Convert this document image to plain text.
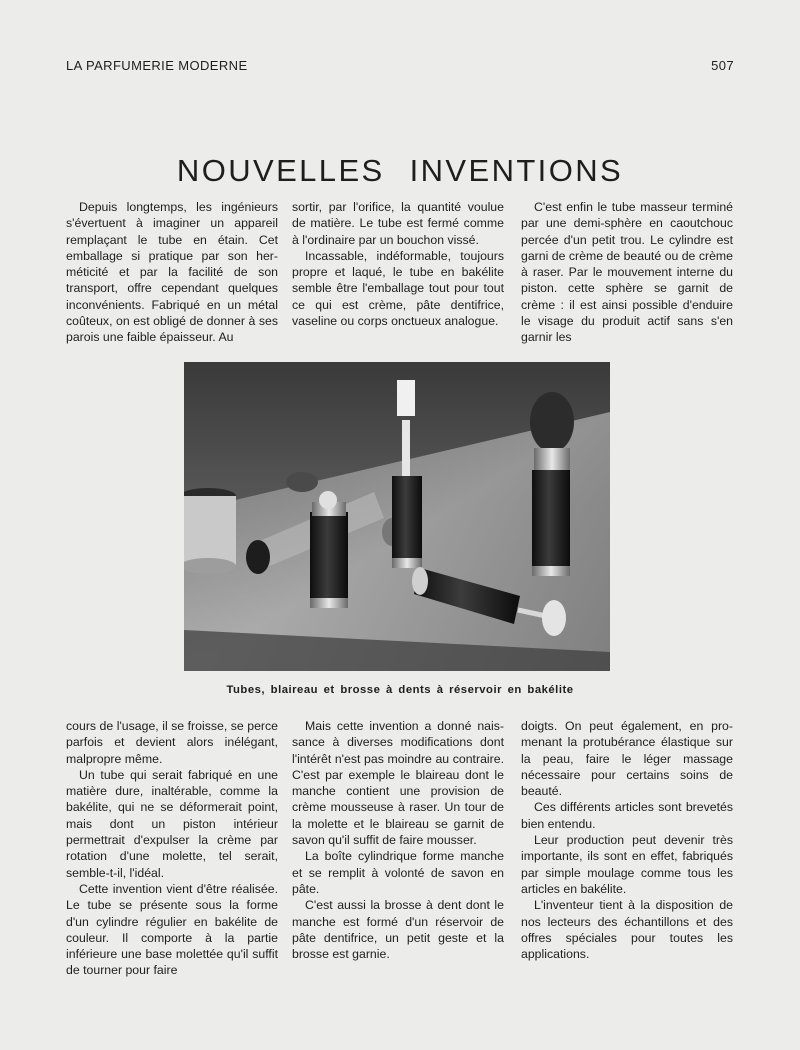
LA PARFUMERIE MODERNE	507
NOUVELLES INVENTIONS

Depuis longtemps, les ingénieurs s'évertuent à imaginer un appareil remplaçant le tube en étain. Cet emballage si pratique par son herméticité et par la facilité de son transport, offre cependant quelques inconvénients. Fabriqué en un métal coûteux, on est obligé de donner à ses parois une faible épaisseur. Au

sortir, par l'orifice, la quantité voulue de matière. Le tube est fermé comme à l'ordinaire par un bouchon vissé.

Incassable, indéformable, toujours propre et laqué, le tube en bakélite semble être l'emballage tout pour tout ce qui est crème, pâte dentifrice, vaseline ou corps onctueux analogue.

C'est enfin le tube masseur terminé par une demi-sphère en caoutchouc percée d'un petit trou. Le cylindre est garni de crème de beauté ou de crème à raser. Par le mouvement interne du piston. cette sphère se garnit de crème : il est ainsi possible d'enduire le visage du produit actif sans s'en garnir les

Tubes, blaireau et brosse à dents à réservoir en bakélite

cours de l'usage, il se froisse, se perce parfois et devient alors inélégant, malpropre même.

Un tube qui serait fabriqué en une matière dure, inaltérable, comme la bakélite, qui ne se déformerait point, mais dont un piston intérieur permettrait d'expulser la crème par rotation d'une molette, tel serait, semble-t-il, l'idéal.

Cette invention vient d'être réalisée. Le tube se présente sous la forme d'un cylindre régulier en bakélite de couleur. Il comporte à la partie inférieure une base molettée qu'il suffit de tourner pour faire

Mais cette invention a donné naissance à diverses modifications dont l'intérêt n'est pas moindre au contraire. C'est par exemple le blaireau dont le manche contient une provision de crème mousseuse à raser. Un tour de la molette et le blaireau se garnit de savon qu'il suffit de faire mousser.

La boîte cylindrique forme manche et se remplit à volonté de savon en pâte.

C'est aussi la brosse à dent dont le manche est formé d'un réservoir de pâte dentifrice, un petit geste et la brosse est garnie.

doigts. On peut également, en promenant la protubérance élastique sur la peau, faire le léger massage nécessaire pour certains soins de beauté.

Ces différents articles sont brevetés bien entendu.

Leur production peut devenir très importante, ils sont en effet, fabriqués par simple moulage comme tous les articles en bakélite.

L'inventeur tient à la disposition de nos lecteurs des échantillons et des offres spéciales pour toutes les applications.
